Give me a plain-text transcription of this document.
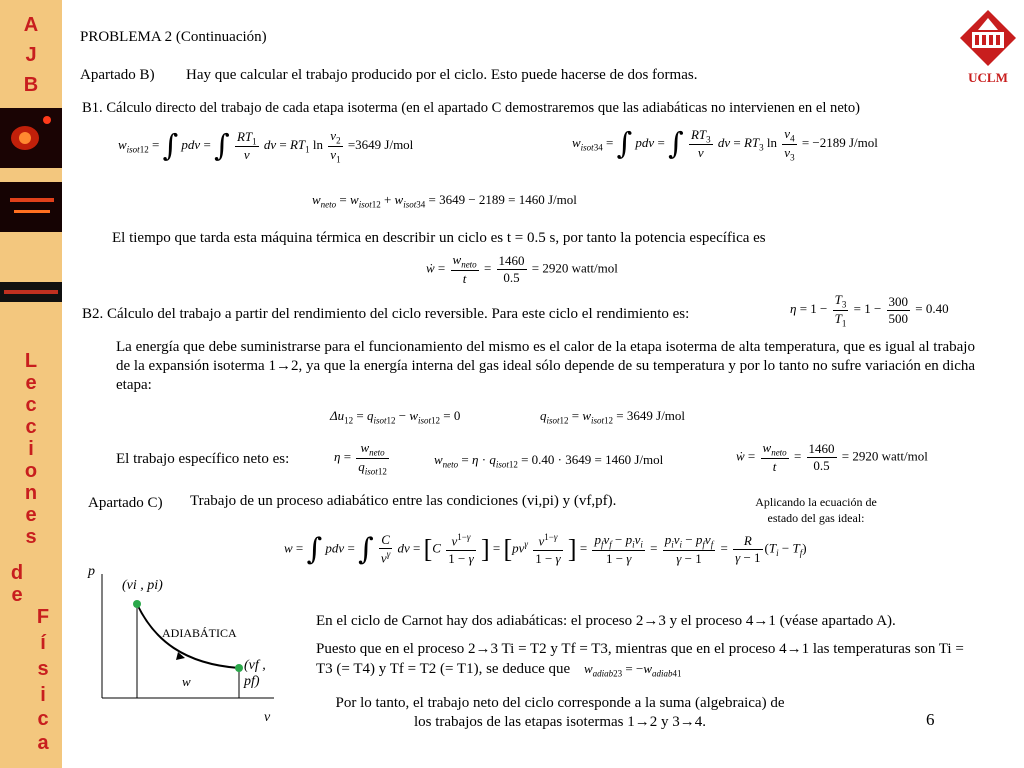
A
J
B
L
e
c
c
i
o
n
e
s
d
e
F
í
s
i
c
a
UCLM
PROBLEMA 2 (Continuación)
Apartado B) Hay que calcular el trabajo producido por el ciclo. Esto puede hacerse de dos formas.
B1. Cálculo directo del trabajo de cada etapa isoterma (en el apartado C demostraremos que las adiabáticas no intervienen en el neto)
$w_{isot12}$ = ∫ pdv = ∫ $\frac{RT_1}{v}$ dv = $RT_1$ $\ln \frac{v_2}{v_1} =3649$ J/mol	$w_{isot34}$ = ∫ pdv = ∫ $\frac{RT_3}{v}$ dv = $RT_3$ $\ln \frac{v_4}{v_3} = -2189$ J/mol
$w_{neto} = w_{isot12} + w_{isot34} = 3649 - 2189 = 1460$ J/mol
El tiempo que tarda esta máquina térmica en describir un ciclo es t = 0.5 s, por tanto la potencia específica es
ẇ = $\frac{w_{neto}}{t} = \frac{1460}{0.5} = 2920$ watt/mol
B2. Cálculo del trabajo a partir del rendimiento del ciclo reversible. Para este ciclo el rendimiento es:	$\eta = 1 - \frac{T_3}{T_1} = 1 - \frac{300}{500} = 0.40$
La energía que debe suministrarse para el funcionamiento del mismo es el calor de la etapa isoterma de alta temperatura, que es igual al trabajo de la expansión isoterma 1→2, ya que la energía interna del gas ideal sólo depende de su temperatura y por lo tanto no sufre variación en dicha etapa:
$\Delta u_{12} = q_{isot12} - w_{isot12} = 0$	$q_{isot12} = w_{isot12} = 3649$ J/mol
El trabajo específico neto es:	$\eta = \frac{w_{neto}}{q_{isot12}}$	$w_{neto} = \eta \cdot q_{isot12} = 0.40 \cdot 3649 = 1460$ J/mol	ẇ = $\frac{w_{neto}}{t} = \frac{1460}{0.5} = 2920$ watt/mol
Apartado C) Trabajo de un proceso adiabático entre las condiciones (vi,pi) y (vf,pf).	Aplicando la ecuación de estado del gas ideal:
w = ∫ pdv = ∫ $\frac{C}{v^\gamma}$ dv = [$C \frac{v^{1-\gamma}}{1 - \gamma}$ ] = [$pv^\gamma \frac{v^{1-\gamma}}{1 - \gamma}$ ] = $\frac{p_fv_f - p_iv_i}{1 - \gamma} = \frac{p_iv_i - p_fv_f}{\gamma - 1} = \frac{R}{\gamma - 1} (T_i - T_f)$
p
v
(vi , pi)
(vf , pf)
ADIABÁTICA
w
En el ciclo de Carnot hay dos adiabáticas: el proceso 2→3 y el proceso 4→1 (véase apartado A).
Puesto que en el proceso 2→3 Ti = T2 y Tf = T3, mientras que en el proceso 4→1 las temperaturas son Ti = T3 (= T4) y Tf = T2 (= T1), se deduce que $w_{adiab23} = -w_{adiab41}$
Por lo tanto, el trabajo neto del ciclo corresponde a la suma (algebraica) de los trabajos de las etapas isotermas 1→2 y 3→4.	6
